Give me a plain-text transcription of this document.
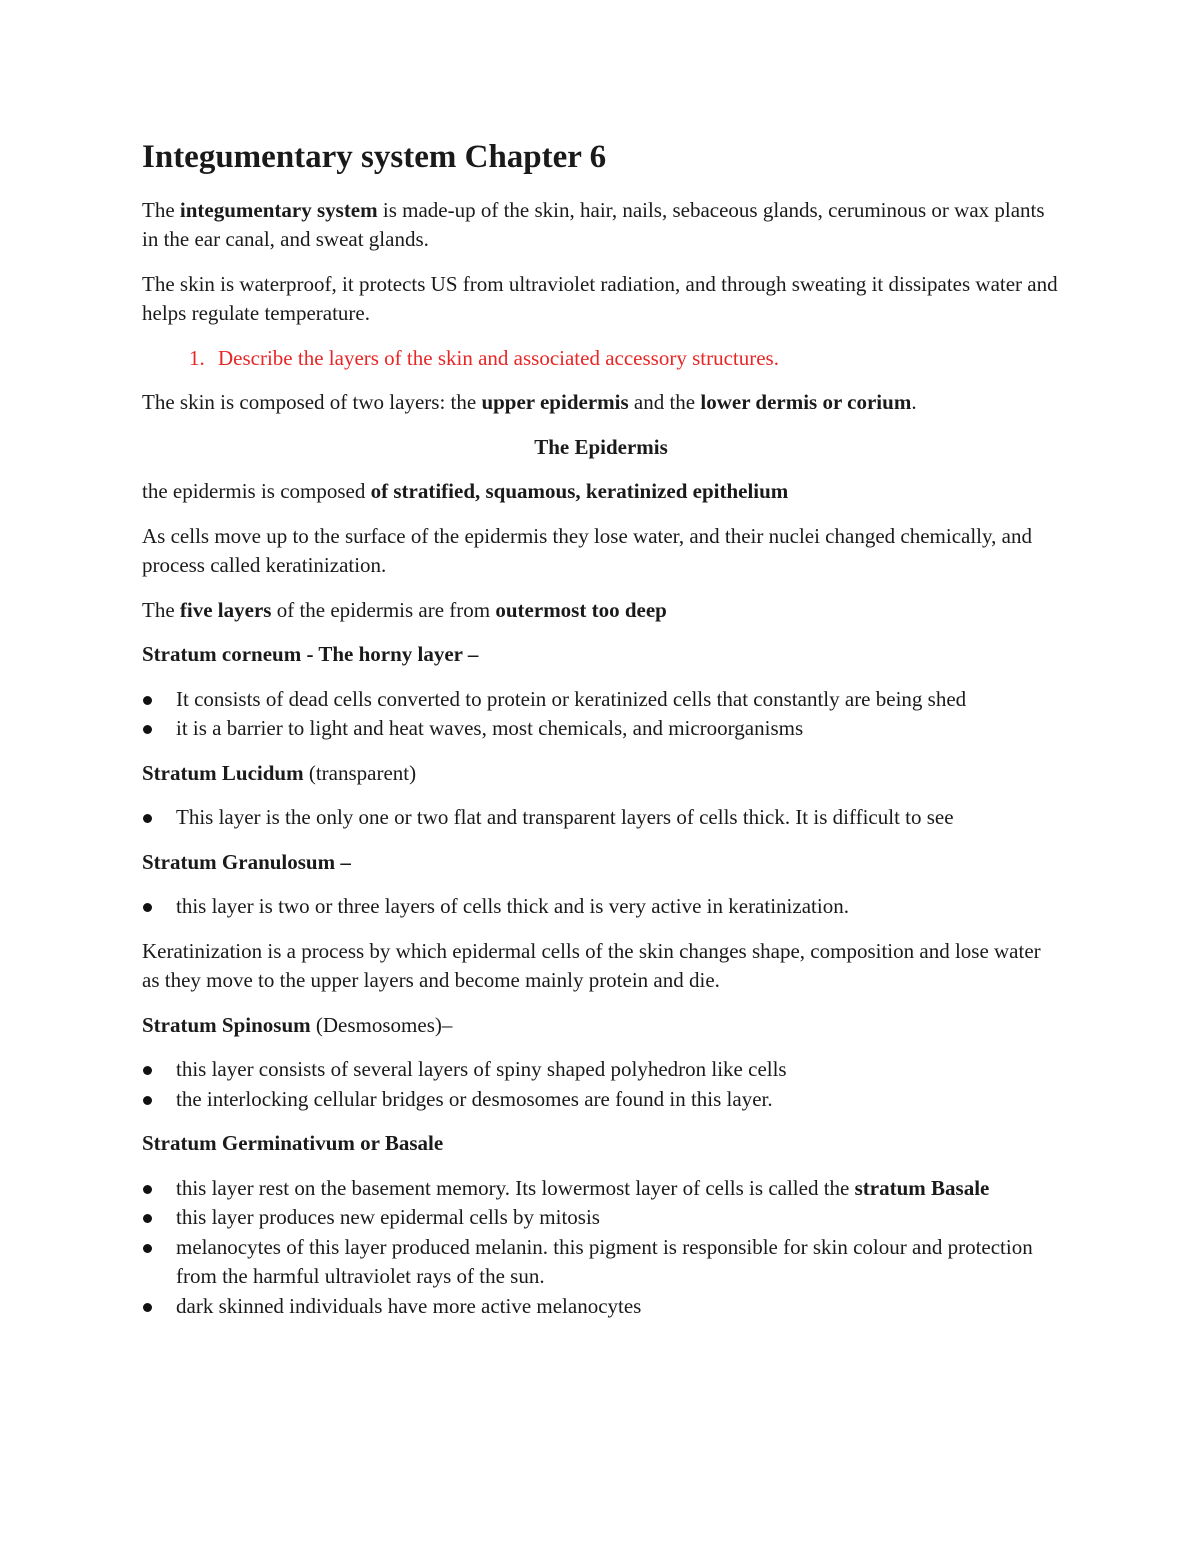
Integumentary system Chapter 6

The integumentary system is made-up of the skin, hair, nails, sebaceous glands, ceruminous or wax plants in the ear canal, and sweat glands.

The skin is waterproof, it protects US from ultraviolet radiation, and through sweating it dissipates water and helps regulate temperature.

1. Describe the layers of the skin and associated accessory structures.

The skin is composed of two layers: the upper epidermis and the lower dermis or corium.

The Epidermis

the epidermis is composed of stratified, squamous, keratinized epithelium

As cells move up to the surface of the epidermis they lose water, and their nuclei changed chemically, and process called keratinization.

The five layers of the epidermis are from outermost too deep

Stratum corneum - The horny layer –

It consists of dead cells converted to protein or keratinized cells that constantly are being shed
it is a barrier to light and heat waves, most chemicals, and microorganisms

Stratum Lucidum (transparent)

This layer is the only one or two flat and transparent layers of cells thick. It is difficult to see

Stratum Granulosum –

this layer is two or three layers of cells thick and is very active in keratinization.

Keratinization is a process by which epidermal cells of the skin changes shape, composition and lose water as they move to the upper layers and become mainly protein and die.

Stratum Spinosum (Desmosomes)–

this layer consists of several layers of spiny shaped polyhedron like cells
the interlocking cellular bridges or desmosomes are found in this layer.

Stratum Germinativum or Basale

this layer rest on the basement memory. Its lowermost layer of cells is called the stratum Basale
this layer produces new epidermal cells by mitosis
melanocytes of this layer produced melanin. this pigment is responsible for skin colour and protection from the harmful ultraviolet rays of the sun.
dark skinned individuals have more active melanocytes
